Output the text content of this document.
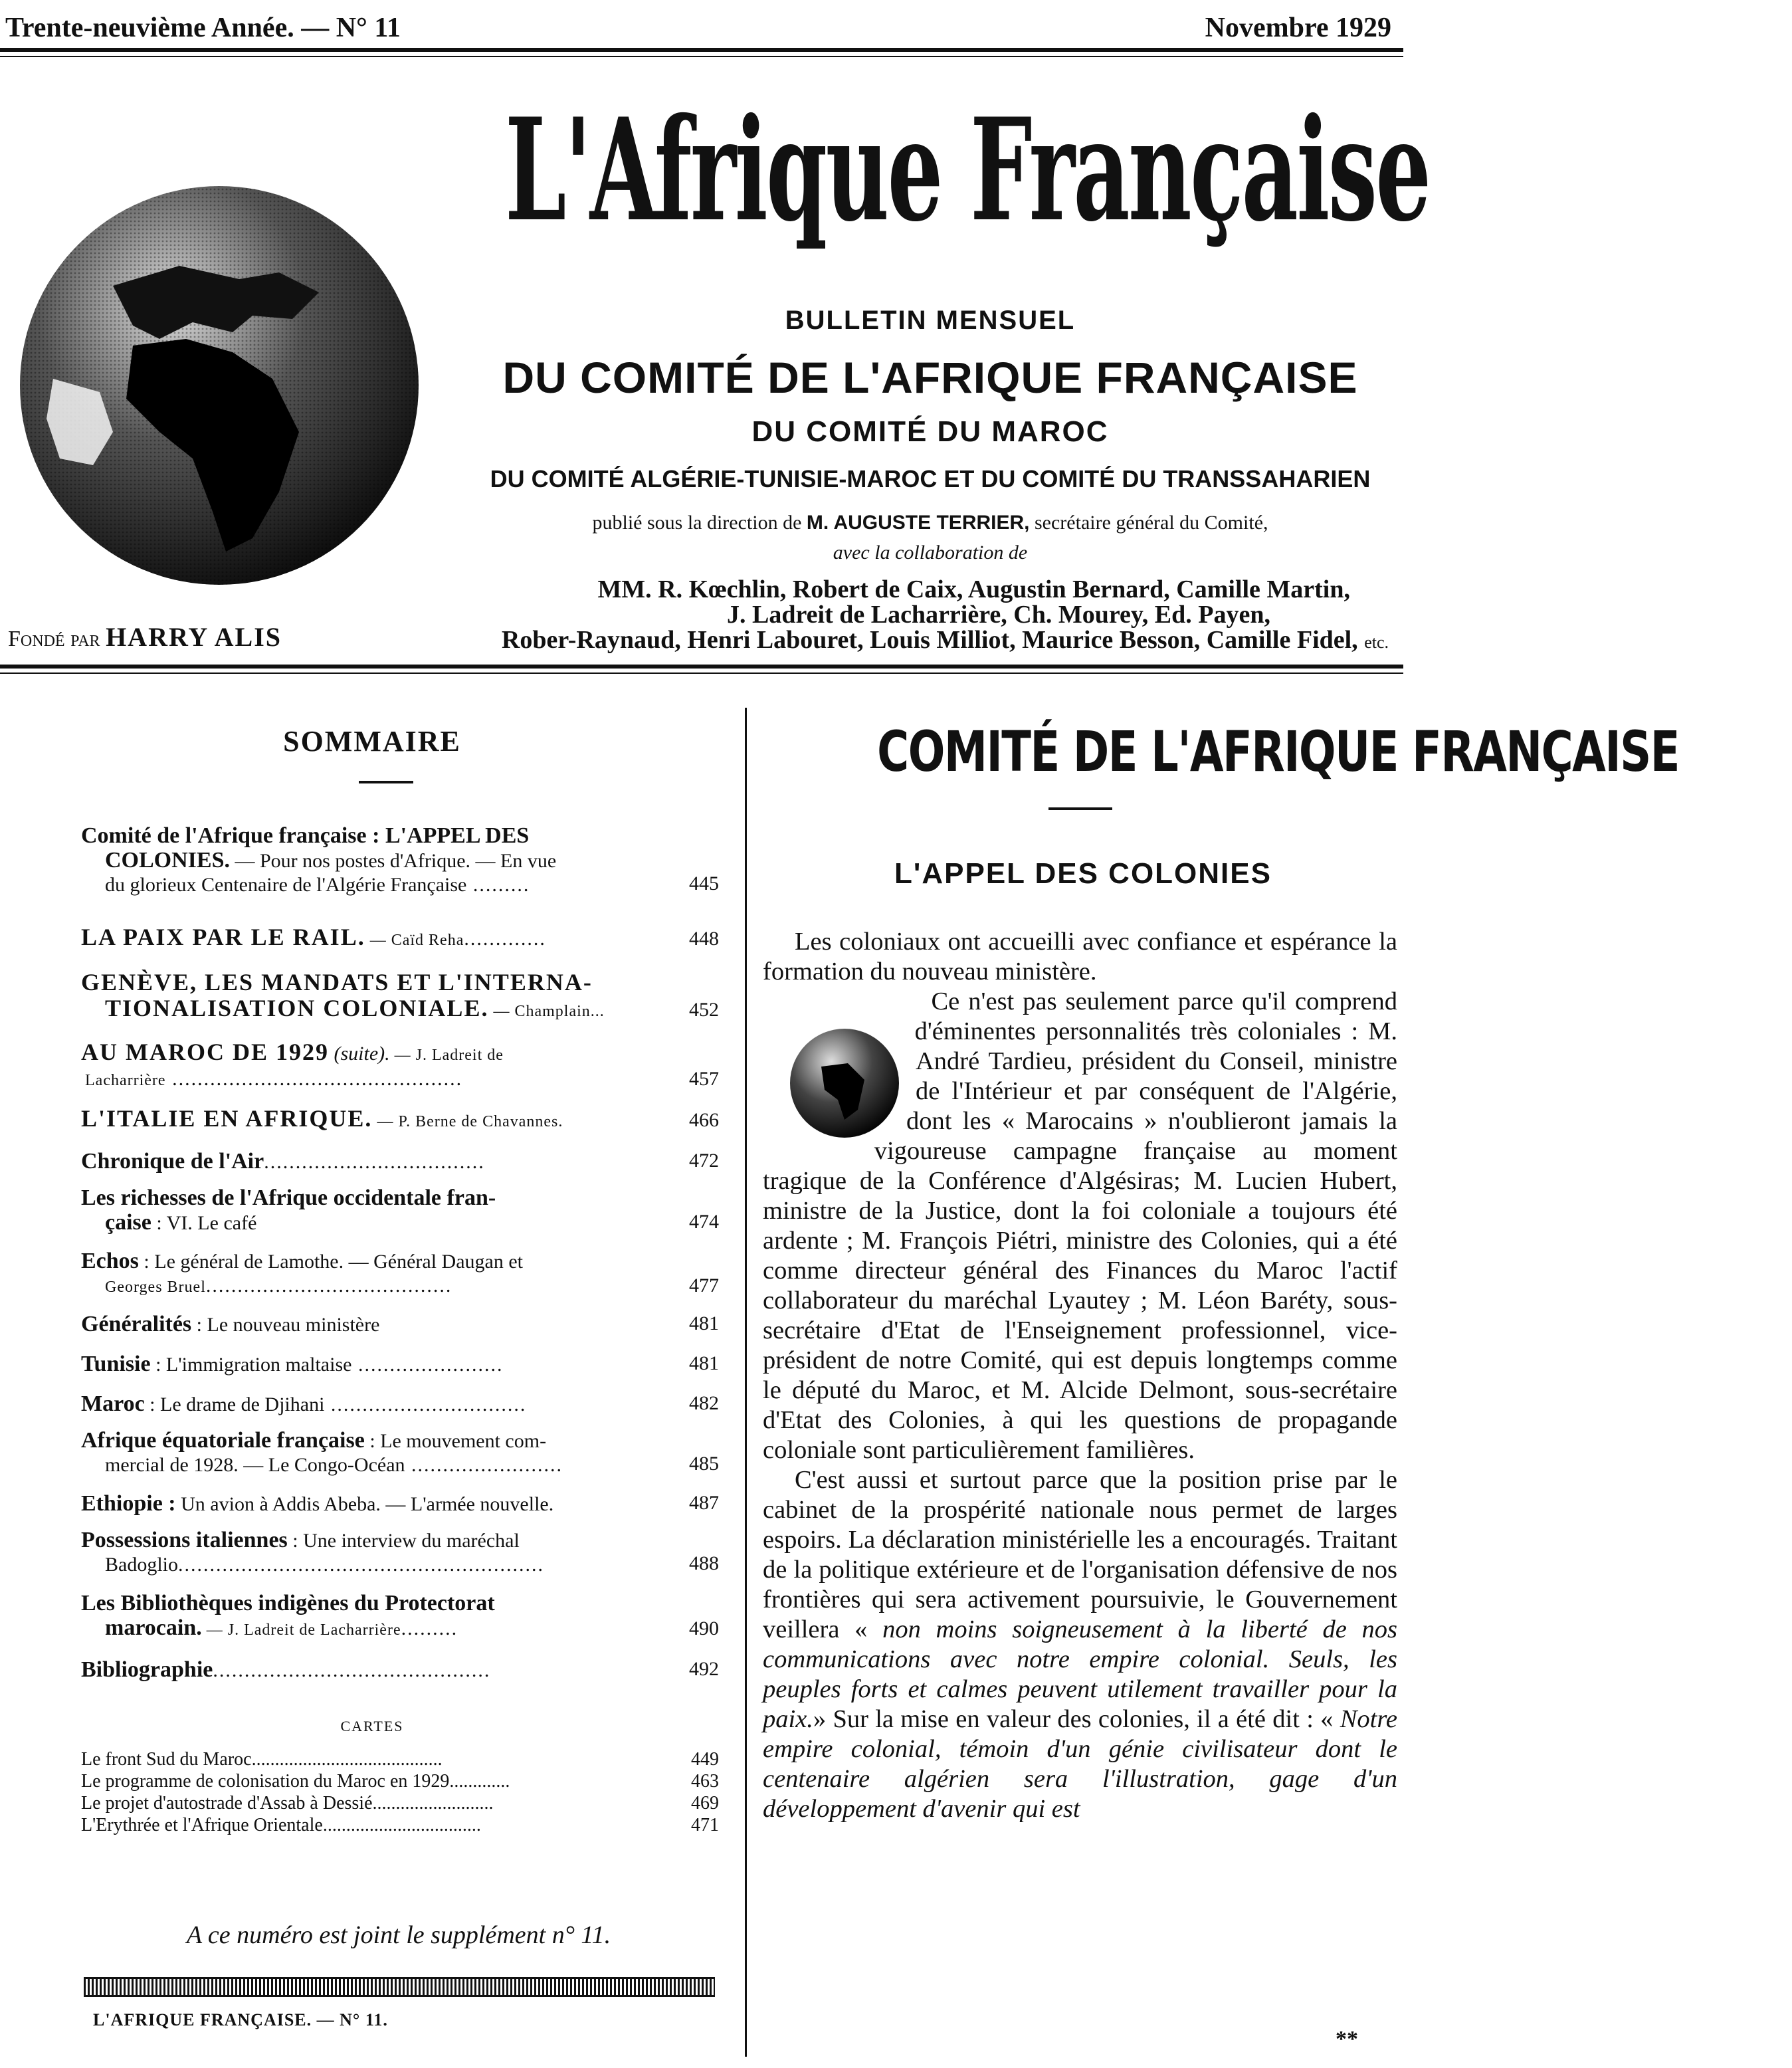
Trente-neuvième Année. — N° 11	Novembre 1929
L'Afrique Française
Fondé par HARRY ALIS
BULLETIN MENSUEL
DU COMITÉ DE L'AFRIQUE FRANÇAISE
DU COMITÉ DU MAROC
DU COMITÉ ALGÉRIE-TUNISIE-MAROC ET DU COMITÉ DU TRANSSAHARIEN
publié sous la direction de M. AUGUSTE TERRIER, secrétaire général du Comité,
avec la collaboration de
MM. R. Kœchlin, Robert de Caix, Augustin Bernard, Camille Martin,
J. Ladreit de Lacharrière, Ch. Mourey, Ed. Payen,
Rober-Raynaud, Henri Labouret, Louis Milliot, Maurice Besson, Camille Fidel, etc.
SOMMAIRE
Comité de l'Afrique française : L'APPEL DES
COLONIES. — Pour nos postes d'Afrique. — En vue
du glorieux Centenaire de l'Algérie Française .........	445
LA PAIX PAR LE RAIL. — Caïd Reha.............	448
GENÈVE, LES MANDATS ET L'INTERNA-
TIONALISATION COLONIALE. — Champlain...	452
AU MAROC DE 1929 (suite). — J. Ladreit de
Lacharrière ..............................................	457
L'ITALIE EN AFRIQUE. — P. Berne de Chavannes.	466
Chronique de l'Air...................................	472
Les richesses de l'Afrique occidentale fran-
çaise : VI. Le café	474
Echos : Le général de Lamothe. — Général Daugan et
Georges Bruel.......................................	477
Généralités : Le nouveau ministère	481
Tunisie : L'immigration maltaise .......................	481
Maroc : Le drame de Djihani ...............................	482
Afrique équatoriale française : Le mouvement com-
mercial de 1928. — Le Congo-Océan ........................	485
Ethiopie : Un avion à Addis Abeba. — L'armée nouvelle.	487
Possessions italiennes : Une interview du maréchal
Badoglio..........................................................	488
Les Bibliothèques indigènes du Protectorat
marocain. — J. Ladreit de Lacharrière.........	490
Bibliographie............................................	492
CARTES
Le front Sud du Maroc.........................................	449
Le programme de colonisation du Maroc en 1929.............	463
Le projet d'autostrade d'Assab à Dessié..........................	469
L'Erythrée et l'Afrique Orientale..................................	471
A ce numéro est joint le supplément n° 11.
L'AFRIQUE FRANÇAISE. — N° 11.
COMITÉ DE L'AFRIQUE FRANÇAISE
L'APPEL DES COLONIES

Les coloniaux ont accueilli avec confiance et espérance la formation du nouveau ministère.

Ce n'est pas seulement parce qu'il comprend d'éminentes personnalités très coloniales : M. André Tardieu, président du Conseil, ministre de l'Intérieur et par conséquent de l'Algérie, dont les « Marocains » n'oublieront jamais la vigoureuse campagne française au moment tragique de la Conférence d'Algésiras; M. Lucien Hubert, ministre de la Justice, dont la foi coloniale a toujours été ardente ; M. François Piétri, ministre des Colonies, qui a été comme directeur général des Finances du Maroc l'actif collaborateur du maréchal Lyautey ; M. Léon Baréty, sous-secrétaire d'Etat de l'Enseignement professionnel, vice-président de notre Comité, qui est depuis longtemps comme le député du Maroc, et M. Alcide Delmont, sous-secrétaire d'Etat des Colonies, à qui les questions de propagande coloniale sont particulièrement familières.

C'est aussi et surtout parce que la position prise par le cabinet de la prospérité nationale nous permet de larges espoirs. La déclaration ministérielle les a encouragés. Traitant de la politique extérieure et de l'organisation défensive de nos frontières qui sera activement poursuivie, le Gouvernement veillera « non moins soigneusement à la liberté de nos communications avec notre empire colonial. Seuls, les peuples forts et calmes peuvent utilement travailler pour la paix.» Sur la mise en valeur des colonies, il a été dit : « Notre empire colonial, témoin d'un génie civilisateur dont le centenaire algérien sera l'illustration, gage d'un développement d'avenir qui est

**
